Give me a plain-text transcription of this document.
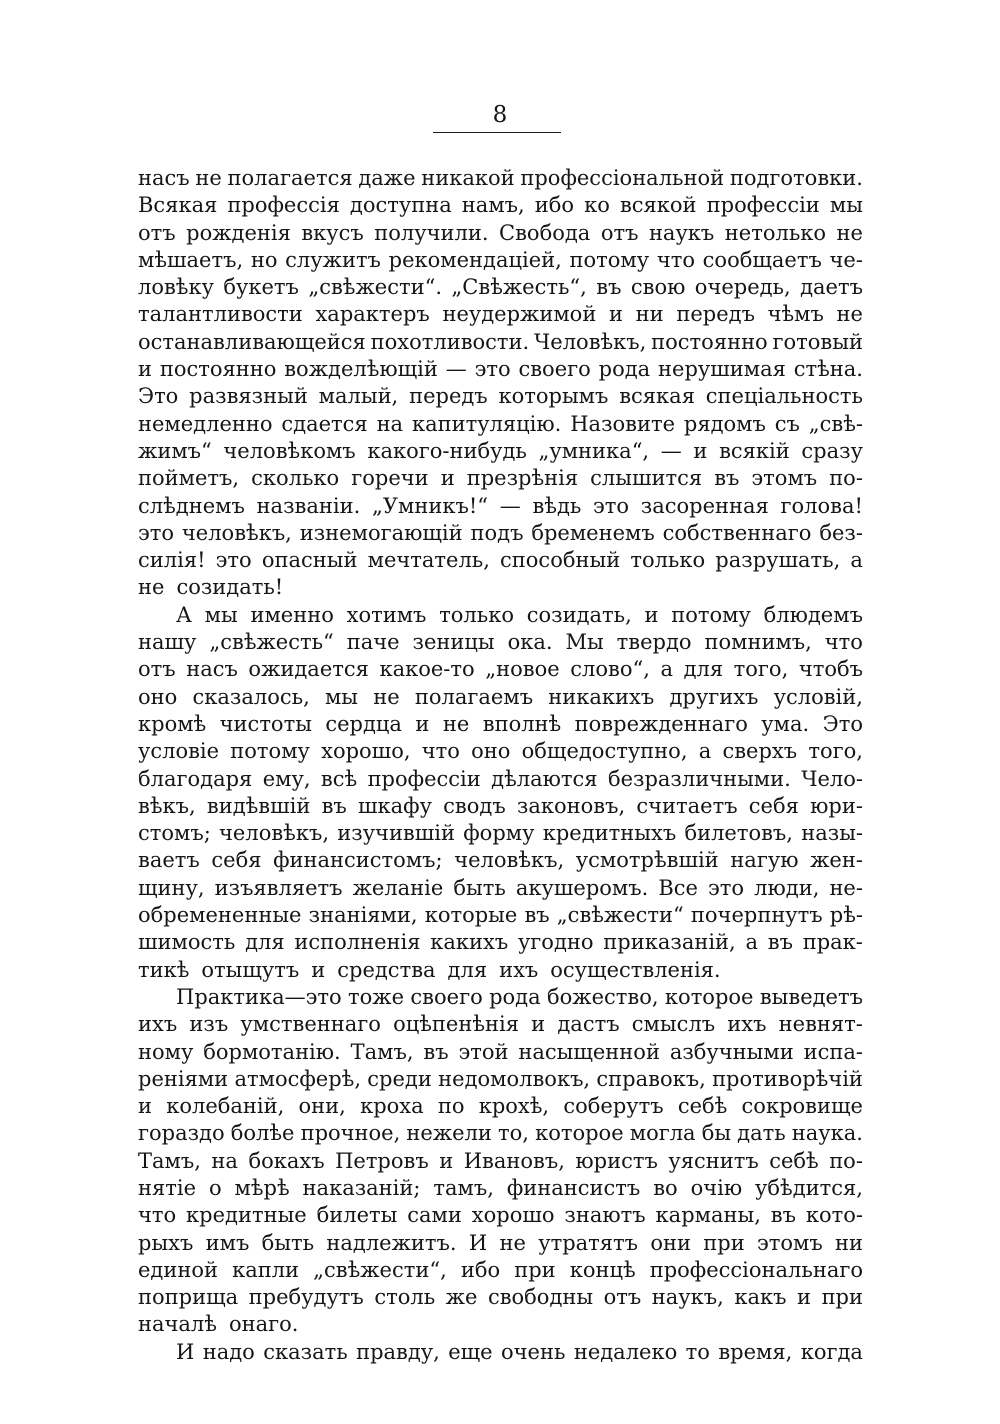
8
насъ не полагается даже никакой профессіональной подготовки.
Всякая профессія доступна намъ, ибо ко всякой профессіи мы
отъ рожденія вкусъ получили. Свобода отъ наукъ нетолько не
мѣшаетъ, но служитъ рекомендаціей, потому что сообщаетъ че-
ловѣку букетъ „свѣжести“. „Свѣжесть“, въ свою очередь, даетъ
талантливости характеръ неудержимой и ни передъ чѣмъ не
останавливающейся похотливости. Человѣкъ, постоянно готовый
и постоянно вожделѣющій — это своего рода нерушимая стѣна.
Это развязный малый, передъ которымъ всякая спеціальность
немедленно сдается на капитуляцію. Назовите рядомъ съ „свѣ-
жимъ“ человѣкомъ какого-нибудь „умника“, — и всякій сразу
пойметъ, сколько горечи и презрѣнія слышится въ этомъ по-
слѣднемъ названіи. „Умникъ!“ — вѣдь это засоренная голова!
это человѣкъ, изнемогающій подъ бременемъ собственнаго без-
силія! это опасный мечтатель, способный только разрушать, а
не созидать!
А мы именно хотимъ только созидать, и потому блюдемъ
нашу „свѣжесть“ паче зеницы ока. Мы твердо помнимъ, что
отъ насъ ожидается какое-то „новое слово“, а для того, чтобъ
оно сказалось, мы не полагаемъ никакихъ другихъ условій,
кромѣ чистоты сердца и не вполнѣ поврежденнаго ума. Это
условіе потому хорошо, что оно общедоступно, а сверхъ того,
благодаря ему, всѣ профессіи дѣлаются безразличными. Чело-
вѣкъ, видѣвшій въ шкафу сводъ законовъ, считаетъ себя юри-
стомъ; человѣкъ, изучившій форму кредитныхъ билетовъ, назы-
ваетъ себя финансистомъ; человѣкъ, усмотрѣвшій нагую жен-
щину, изъявляетъ желаніе быть акушеромъ. Все это люди, не-
обремененные знаніями, которые въ „свѣжести“ почерпнутъ рѣ-
шимость для исполненія какихъ угодно приказаній, а въ прак-
тикѣ отыщутъ и средства для ихъ осуществленія.
Практика—это тоже своего рода божество, которое выведетъ
ихъ изъ умственнаго оцѣпенѣнія и дастъ смыслъ ихъ невнят-
ному бормотанію. Тамъ, въ этой насыщенной азбучными испа-
реніями атмосферѣ, среди недомолвокъ, справокъ, противорѣчій
и колебаній, они, кроха по крохѣ, соберутъ себѣ сокровище
гораздо болѣе прочное, нежели то, которое могла бы дать наука.
Тамъ, на бокахъ Петровъ и Ивановъ, юристъ уяснитъ себѣ по-
нятіе о мѣрѣ наказаній; тамъ, финансистъ во очію убѣдится,
что кредитные билеты сами хорошо знаютъ карманы, въ кото-
рыхъ имъ быть надлежитъ. И не утратятъ они при этомъ ни
единой капли „свѣжести“, ибо при концѣ профессіональнаго
поприща пребудутъ столь же свободны отъ наукъ, какъ и при
началѣ онаго.
И надо сказать правду, еще очень недалеко то время, когда
